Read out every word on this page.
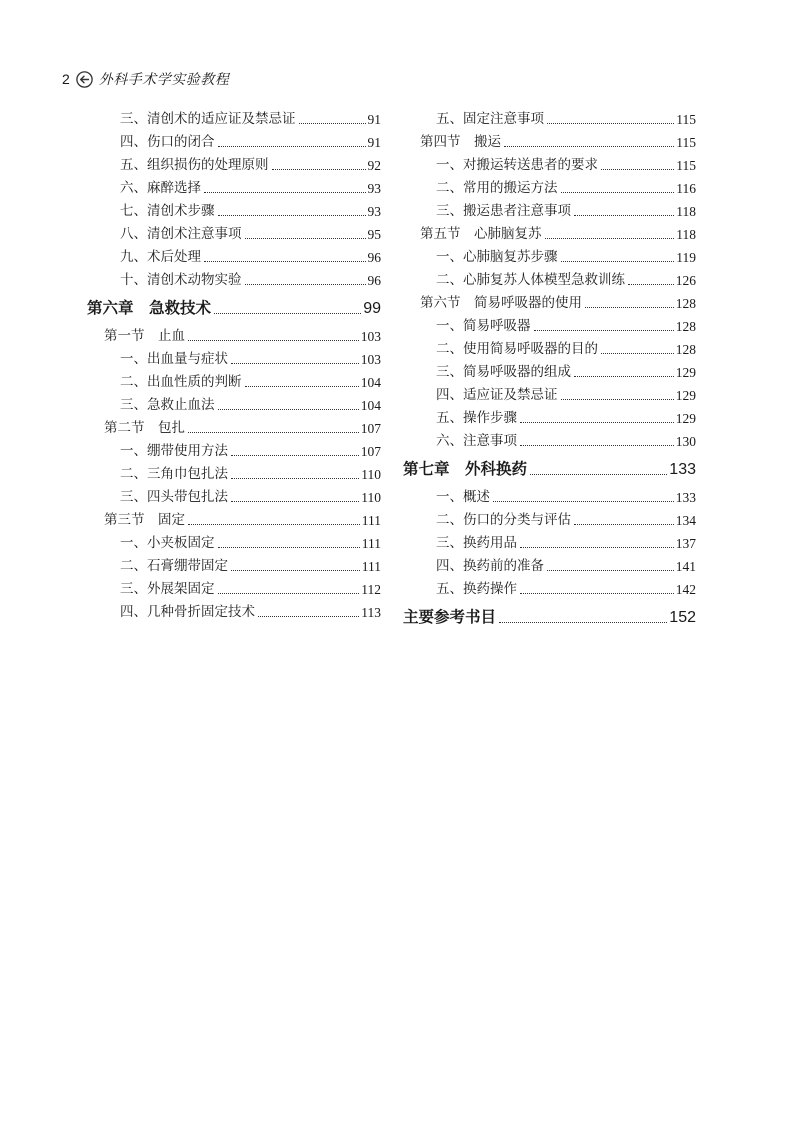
2 外科手术学实验教程
三、清创术的适应证及禁忌证	91
四、伤口的闭合	91
五、组织损伤的处理原则	92
六、麻醉选择	93
七、清创术步骤	93
八、清创术注意事项	95
九、术后处理	96
十、清创术动物实验	96
第六章　急救技术	99
第一节　止血	103
一、出血量与症状	103
二、出血性质的判断	104
三、急救止血法	104
第二节　包扎	107
一、绷带使用方法	107
二、三角巾包扎法	110
三、四头带包扎法	110
第三节　固定	111
一、小夹板固定	111
二、石膏绷带固定	111
三、外展架固定	112
四、几种骨折固定技术	113
五、固定注意事项	115
第四节　搬运	115
一、对搬运转送患者的要求	115
二、常用的搬运方法	116
三、搬运患者注意事项	118
第五节　心肺脑复苏	118
一、心肺脑复苏步骤	119
二、心肺复苏人体模型急救训练	126
第六节　简易呼吸器的使用	128
一、简易呼吸器	128
二、使用简易呼吸器的目的	128
三、简易呼吸器的组成	129
四、适应证及禁忌证	129
五、操作步骤	129
六、注意事项	130
第七章　外科换药	133
一、概述	133
二、伤口的分类与评估	134
三、换药用品	137
四、换药前的准备	141
五、换药操作	142
主要参考书目	152
